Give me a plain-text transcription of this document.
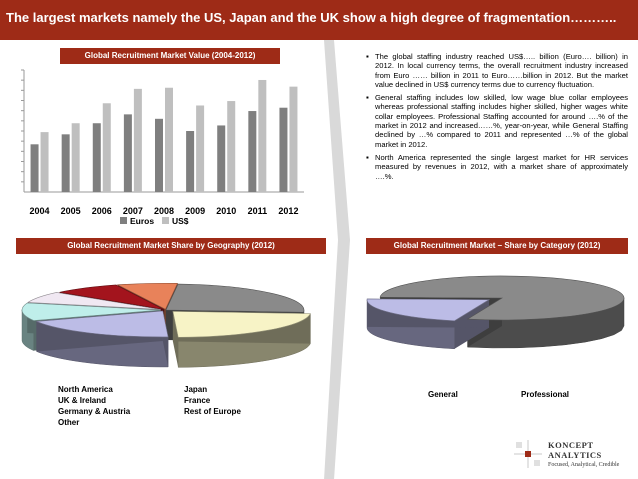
The largest markets namely the US, Japan and the UK show a high degree of fragmentation………..
Global Recruitment Market Value (2004-2012)
Global Recruitment Market Share by Geography (2012)	Global Recruitment Market – Share by Category (2012)
2004 2005 2006 2007 2008 2009 2010 2011 2012
Euros US$
▪ The global staffing industry reached US$….. billion (Euro…. billion) in 2012. In local currency terms, the overall recruitment industry increased from Euro …… billion in 2011 to Euro……billion in 2012. But the market value declined in US$ currency terms due to currency fluctuation.
▪ General staffing includes low skilled, low wage blue collar employees whereas professional staffing includes higher skilled, higher wages white collar employees. Professional Staffing accounted for around ….% of the market in 2012 and increased……%, year-on-year, while General Staffing declined by …% compared to 2011 and represented …% of the global market in 2012.
▪ North America represented the single largest market for HR services measured by revenues in 2012, with a market share of approximately ….%.
North America
UK & Ireland
Germany & Austria
Other
Japan
France
Rest of Europe
General	Professional
KONCEPT
ANALYTICS
Focused, Analytical, Credible
